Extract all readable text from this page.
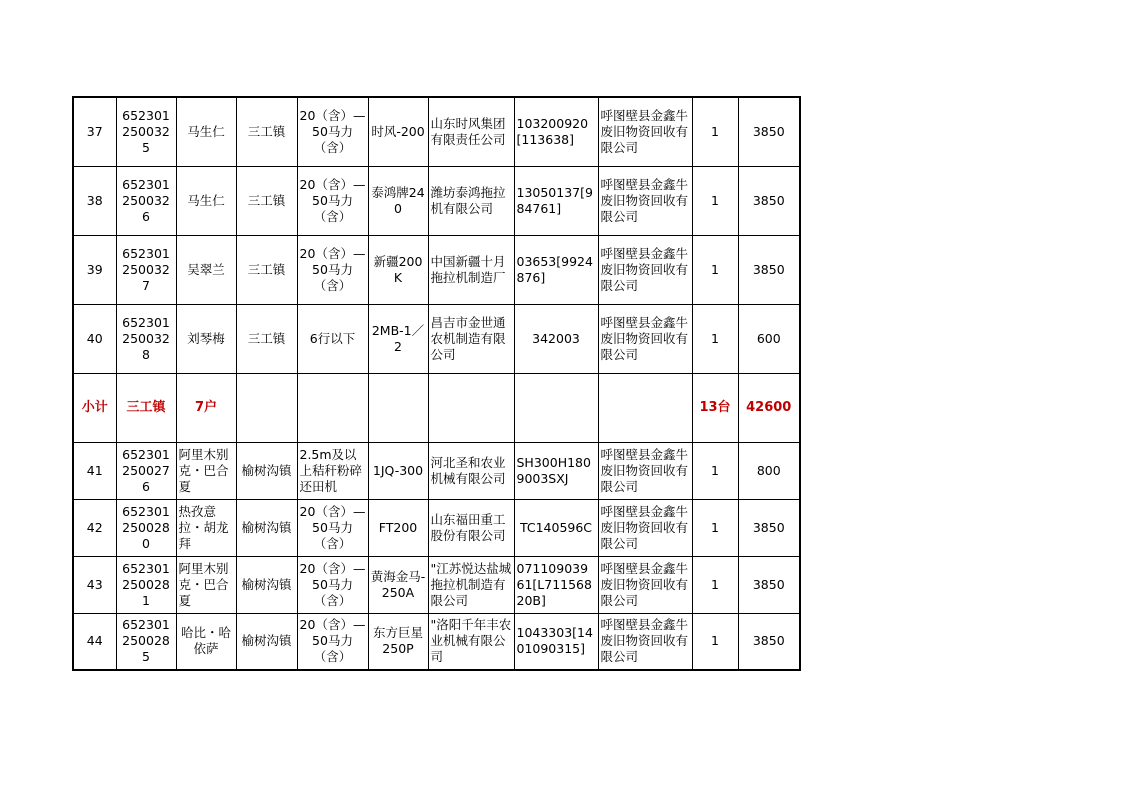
37	6523012500325	马生仁	三工镇	20（含）—50马力（含）	时风-200	山东时风集团有限责任公司	103200920[113638]	呼图壁县金鑫牛废旧物资回收有限公司	1	3850
38	6523012500326	马生仁	三工镇	20（含）—50马力（含）	泰鸿牌240	潍坊泰鸿拖拉机有限公司	13050137[984761]	呼图壁县金鑫牛废旧物资回收有限公司	1	3850
39	6523012500327	吴翠兰	三工镇	20（含）—50马力（含）	新疆200K	中国新疆十月拖拉机制造厂	03653[9924876]	呼图壁县金鑫牛废旧物资回收有限公司	1	3850
40	6523012500328	刘琴梅	三工镇	6行以下	2MB-1／2	昌吉市金世通农机制造有限公司	342003	呼图壁县金鑫牛废旧物资回收有限公司	1	600
小计	三工镇	7户							13台	42600
41	6523012500276	阿里木别克・巴合夏	榆树沟镇	2.5m及以上秸秆粉碎还田机	1JQ-300	河北圣和农业机械有限公司	SH300H1809003SXJ	呼图壁县金鑫牛废旧物资回收有限公司	1	800
42	6523012500280	热孜意拉・胡龙拜	榆树沟镇	20（含）—50马力（含）	FT200	山东福田重工股份有限公司	TC140596C	呼图壁县金鑫牛废旧物资回收有限公司	1	3850
43	6523012500281	阿里木别克・巴合夏	榆树沟镇	20（含）—50马力（含）	黄海金马-250A	"江苏悦达盐城拖拉机制造有限公司	07110903961[L71156820B]	呼图壁县金鑫牛废旧物资回收有限公司	1	3850
44	6523012500285	哈比・哈依萨	榆树沟镇	20（含）—50马力（含）	东方巨星250P	"洛阳千年丰农业机械有限公司	1043303[1401090315]	呼图壁县金鑫牛废旧物资回收有限公司	1	3850
